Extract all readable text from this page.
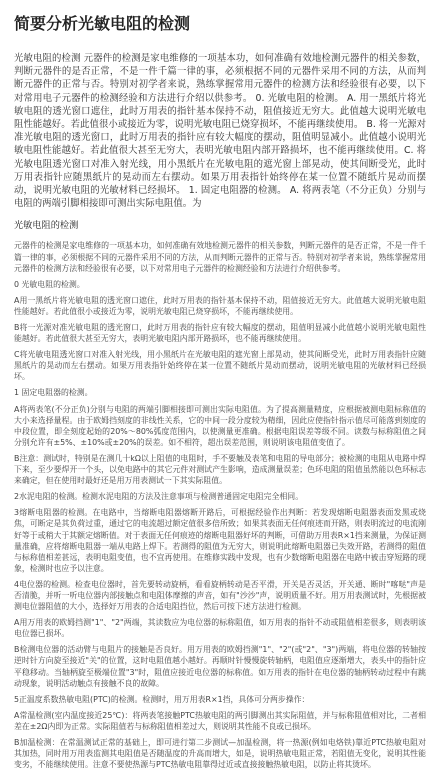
简要分析光敏电阻的检测

光敏电阻的检测 元器件的检测是家电维修的一项基本功，如何准确有效地检测元器件的相关参数，判断元器件的是否正常，不是一件千篇一律的事，必须根据不同的元器件采用不同的方法，从而判断元器件的正常与否。特别对初学者来说，熟练掌握常用元器件的检测方法和经验很有必要，以下对常用电子元器件的检测经验和方法进行介绍以供参考。 0. 光敏电阻的检测。 A. 用一黑纸片将光敏电阻的透光窗口遮住，此时万用表的指针基本保持不动，阻值接近无穷大。此值越大说明光敏电阻性能越好。若此值很小或接近为零，说明光敏电阻已烧穿损坏，不能再继续使用。 B. 将一光源对准光敏电阻的透光窗口，此时万用表的指针应有较大幅度的摆动，阻值明显减小。此值越小说明光敏电阻性能越好。若此值很大甚至无穷大，表明光敏电阻内部开路损坏，也不能再继续使用。C. 将光敏电阻透光窗口对准入射光线，用小黑纸片在光敏电阻的遮光窗上部晃动，使其间断受光，此时万用表指针应随黑纸片的晃动而左右摆动。如果万用表指针始终停在某一位置不随纸片晃动而摆动，说明光敏电阻的光敏材料已经损坏。 1. 固定电阻器的检测。 A. 将两表笔（不分正负）分别与电阻的两端引脚相接即可测出实际电阻值。为

光敏电阻的检测

元器件的检测是家电维修的一项基本功，如何准确有效地检测元器件的相关参数，判断元器件的是否正常，不是一件千篇一律的事，必须根据不同的元器件采用不同的方法，从而判断元器件的正常与否。特别对初学者来说，熟练掌握常用元器件的检测方法和经验很有必要，以下对常用电子元器件的检测经验和方法进行介绍供参考。

0 光敏电阻的检测。

A用一黑纸片将光敏电阻的透光窗口遮住，此时万用表的指针基本保持不动，阻值接近无穷大。此值越大说明光敏电阻性能越好。若此值很小或接近为零，说明光敏电阻已烧穿损坏，不能再继续使用。

B将一光源对准光敏电阻的透光窗口，此时万用表的指针应有较大幅度的摆动，阻值明显减小此值越小说明光敏电阻性能越好。若此值很大甚至无穷大，表明光敏电阻内部开路损坏，也不能再继续使用。

C将光敏电阻透光窗口对准入射光线，用小黑纸片在光敏电阻的遮光窗上部晃动，使其间断受光，此时万用表指针应随黑纸片的晃动而左右摆动。如果万用表指针始终停在某一位置不随纸片晃动而摆动，说明光敏电阻的光敏材料已经损坏。

1 固定电阻器的检测。

A将两表笔(不分正负)分别与电阻的两端引脚相接即可测出实际电阻值。为了提高测量精度，应根据被测电阻标称值的大小来选择量程。由于欧姆挡刻度的非线性关系，它的中间一段分度较为精细，因此应使指针指示值尽可能落到刻度的中段位置，即全刻度起始的20%～80%弧度范围内，以使测量更准确。根据电阻误差等级不同。读数与标称阻值之间分别允许有±5%、±10%或±20%的误差。如不相符，超出误差范围，则说明该电阻值变值了。

B注意：测试时，特别是在测几十kΩ以上阻值的电阻时，手不要触及表笔和电阻的导电部分；被检测的电阻从电路中焊下来，至少要焊开一个头，以免电路中的其它元件对测试产生影响，造成测量误差；色环电阻的阻值虽然能以色环标志来确定，但在使用时最好还是用万用表测试一下其实际阻值。

2水泥电阻的检测。检测水泥电阻的方法及注意事项与检测普通固定电阻完全相同。

3熔断电阻器的检测。在电路中，当熔断电阻器熔断开路后，可根据经验作出判断：若发现熔断电阻器表面发黑或烧焦，可断定是其负荷过重，通过它的电流超过额定值很多倍所致；如果其表面无任何痕迹而开路，则表明流过的电流刚好等于或稍大于其额定熔断值。对于表面无任何痕迹的熔断电阻器好坏的判断，可借助万用表R×1挡来测量，为保证测量准确，应将熔断电阻器一端从电路上焊下。若测得的阻值为无穷大，则说明此熔断电阻器已失效开路，若测得的阻值与标称值相差甚远，表明电阻变值，也不宜再使用。在维修实践中发现，也有少数熔断电阻器在电路中被击穿短路的现象，检测时也应予以注意。

4电位器的检测。检查电位器时，首先要转动旋柄，看看旋柄转动是否平滑，开关是否灵活，开关通、断时"喀哒"声是否清脆，并听一听电位器内部接触点和电阻体摩擦的声音，如有"沙沙"声，说明质量不好。用万用表测试时，先根据被测电位器阻值的大小，选择好万用表的合适电阻挡位，然后可按下述方法进行检测。

A用万用表的欧姆挡测"1"、"2"两端，其读数应为电位器的标称阻值，如万用表的指针不动或阻值相差很多，则表明该电位器已损坏。

B检测电位器的活动臂与电阻片的接触是否良好。用万用表的欧姆挡测"1"、"2"(或"2"、"3")两端，将电位器的转轴按逆时针方向旋至接近"关"的位置，这时电阻值越小越好。再顺时针慢慢旋转轴柄，电阻值应逐渐增大，表头中的指针应平稳移动。当轴柄旋至极端位置"3"时，阻值应接近电位器的标称值。如万用表的指针在电位器的轴柄转动过程中有跳动现象，说明活动触点有接触不良的故障。

5正温度系数热敏电阻(PTC)的检测。检测时，用万用表R×1挡，具体可分两步操作：

A常温检测(室内温度接近25℃)：将两表笔接触PTC热敏电阻的两引脚测出其实际阻值，并与标称阻值相对比，二者相差在±2Ω内即为正常。实际阻值若与标称阻值相差过大，则说明其性能不良或已损坏。

B加温检测：在常温测试正常的基础上，即可进行第二步测试—加温检测，将一热源(例如电烙铁)靠近PTC热敏电阻对其加热，同时用万用表监测其电阻值是否随温度的升高而增大，如是，说明热敏电阻正常，若阻值无变化，说明其性能变劣，不能继续使用。注意不要使热源与PTC热敏电阻靠得过近或直接接触热敏电阻，以防止将其烫坏。
